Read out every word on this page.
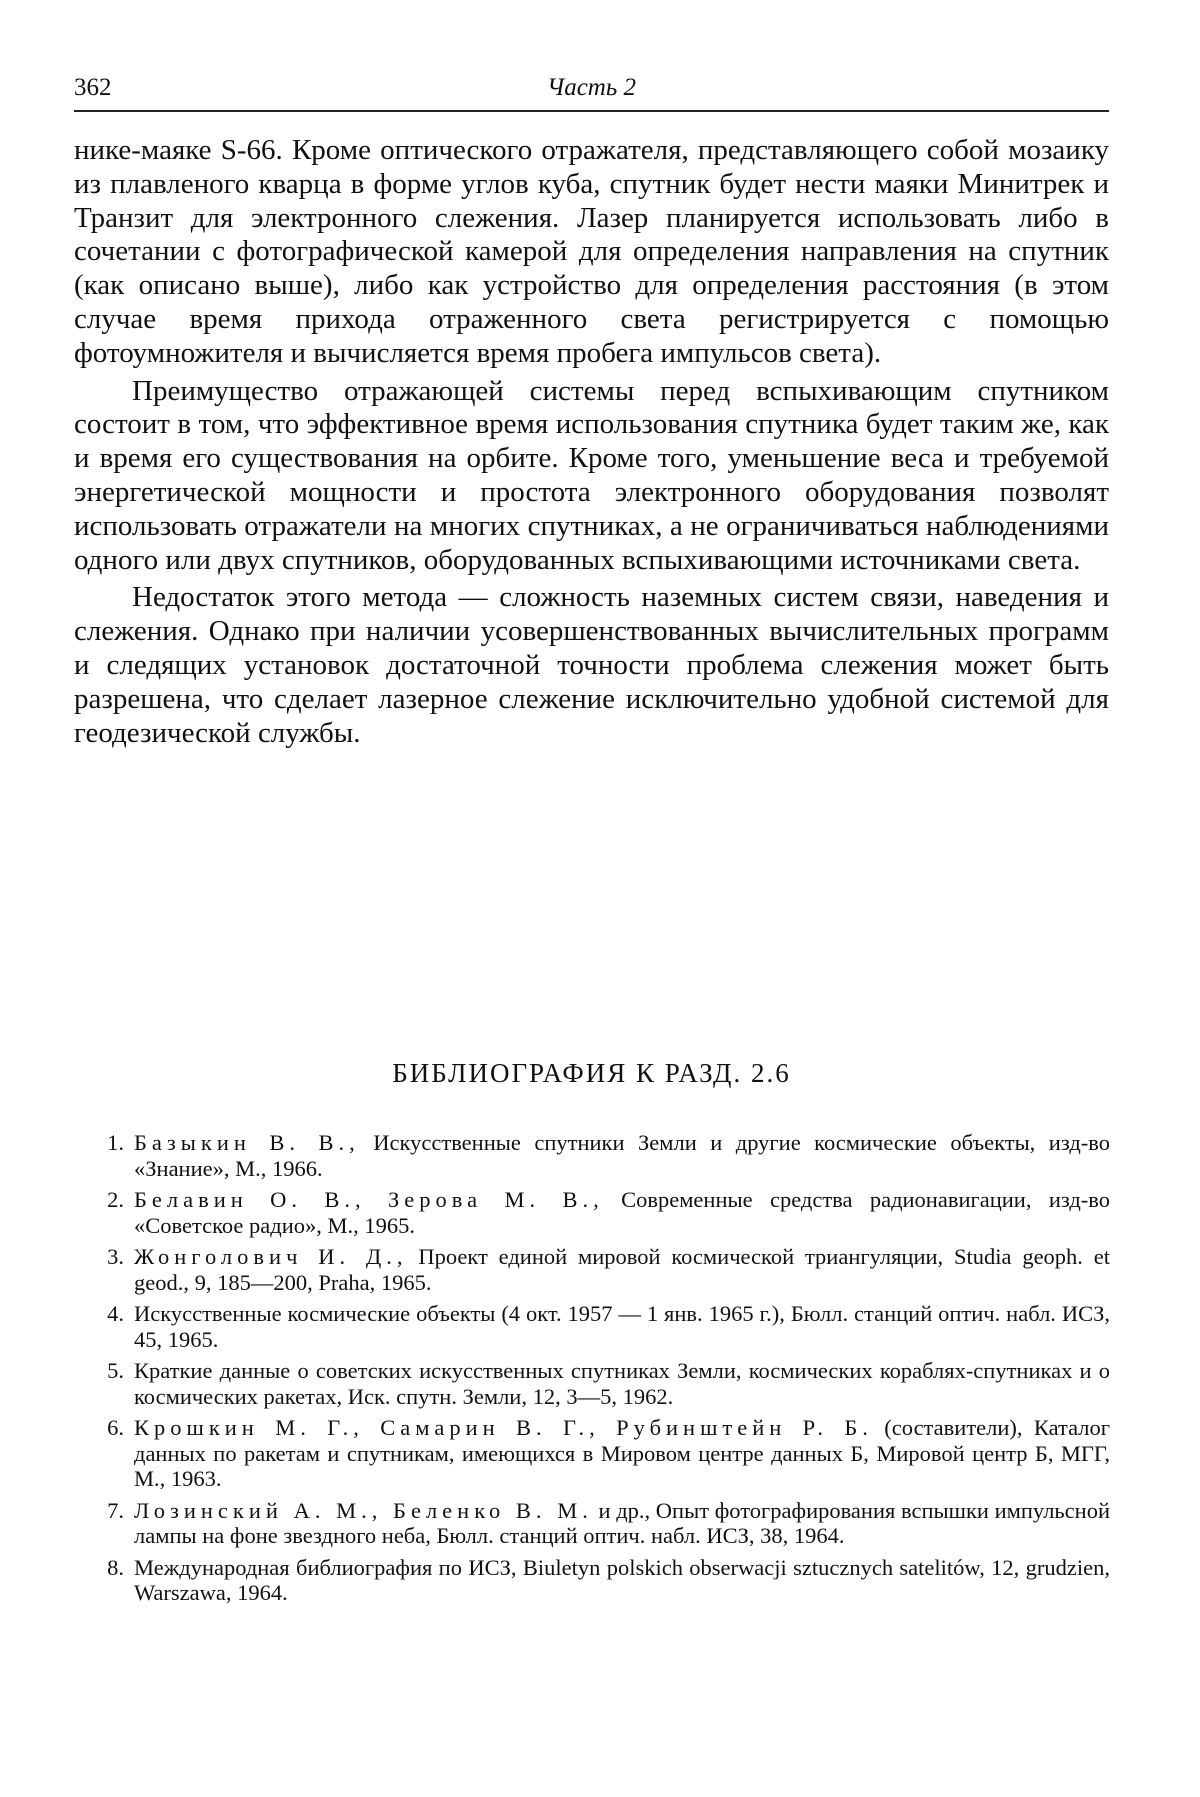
362	Часть 2

нике-маяке S-66. Кроме оптического отражателя, представляющего собой мозаику из плавленого кварца в форме углов куба, спутник будет нести маяки Минитрек и Транзит для электронного слежения. Лазер планируется использовать либо в сочетании с фотографической камерой для определения направления на спутник (как описано выше), либо как устройство для определения расстояния (в этом случае время прихода отраженного света регистрируется с помощью фотоумножителя и вычисляется время пробега импульсов света).

Преимущество отражающей системы перед вспыхивающим спутником состоит в том, что эффективное время использования спутника будет таким же, как и время его существования на орбите. Кроме того, уменьшение веса и требуемой энергетической мощности и простота электронного оборудования позволят использовать отражатели на многих спутниках, а не ограничиваться наблюдениями одного или двух спутников, оборудованных вспыхивающими источниками света.

Недостаток этого метода — сложность наземных систем связи, наведения и слежения. Однако при наличии усовершенствованных вычислительных программ и следящих установок достаточной точности проблема слежения может быть разрешена, что сделает лазерное слежение исключительно удобной системой для геодезической службы.

БИБЛИОГРАФИЯ К РАЗД. 2.6
1. Базыкин В. В., Искусственные спутники Земли и другие космические объекты, изд-во «Знание», М., 1966.
2. Белавин О. В., Зерова М. В., Современные средства радионавигации, изд-во «Советское радио», М., 1965.
3. Жонголович И. Д., Проект единой мировой космической триангуляции, Studia geoph. et geod., 9, 185—200, Praha, 1965.
4. Искусственные космические объекты (4 окт. 1957 — 1 янв. 1965 г.), Бюлл. станций оптич. набл. ИСЗ, 45, 1965.
5. Краткие данные о советских искусственных спутниках Земли, космических кораблях-спутниках и о космических ракетах, Иск. спутн. Земли, 12, 3—5, 1962.
6. Крошкин М. Г., Самарин В. Г., Рубинштейн Р. Б. (составители), Каталог данных по ракетам и спутникам, имеющихся в Мировом центре данных Б, Мировой центр Б, МГГ, М., 1963.
7. Лозинский А. М., Беленко В. М. и др., Опыт фотографирования вспышки импульсной лампы на фоне звездного неба, Бюлл. станций оптич. набл. ИСЗ, 38, 1964.
8. Международная библиография по ИСЗ, Biuletyn polskich obserwacji sztucznych satelitów, 12, grudzien, Warszawa, 1964.
